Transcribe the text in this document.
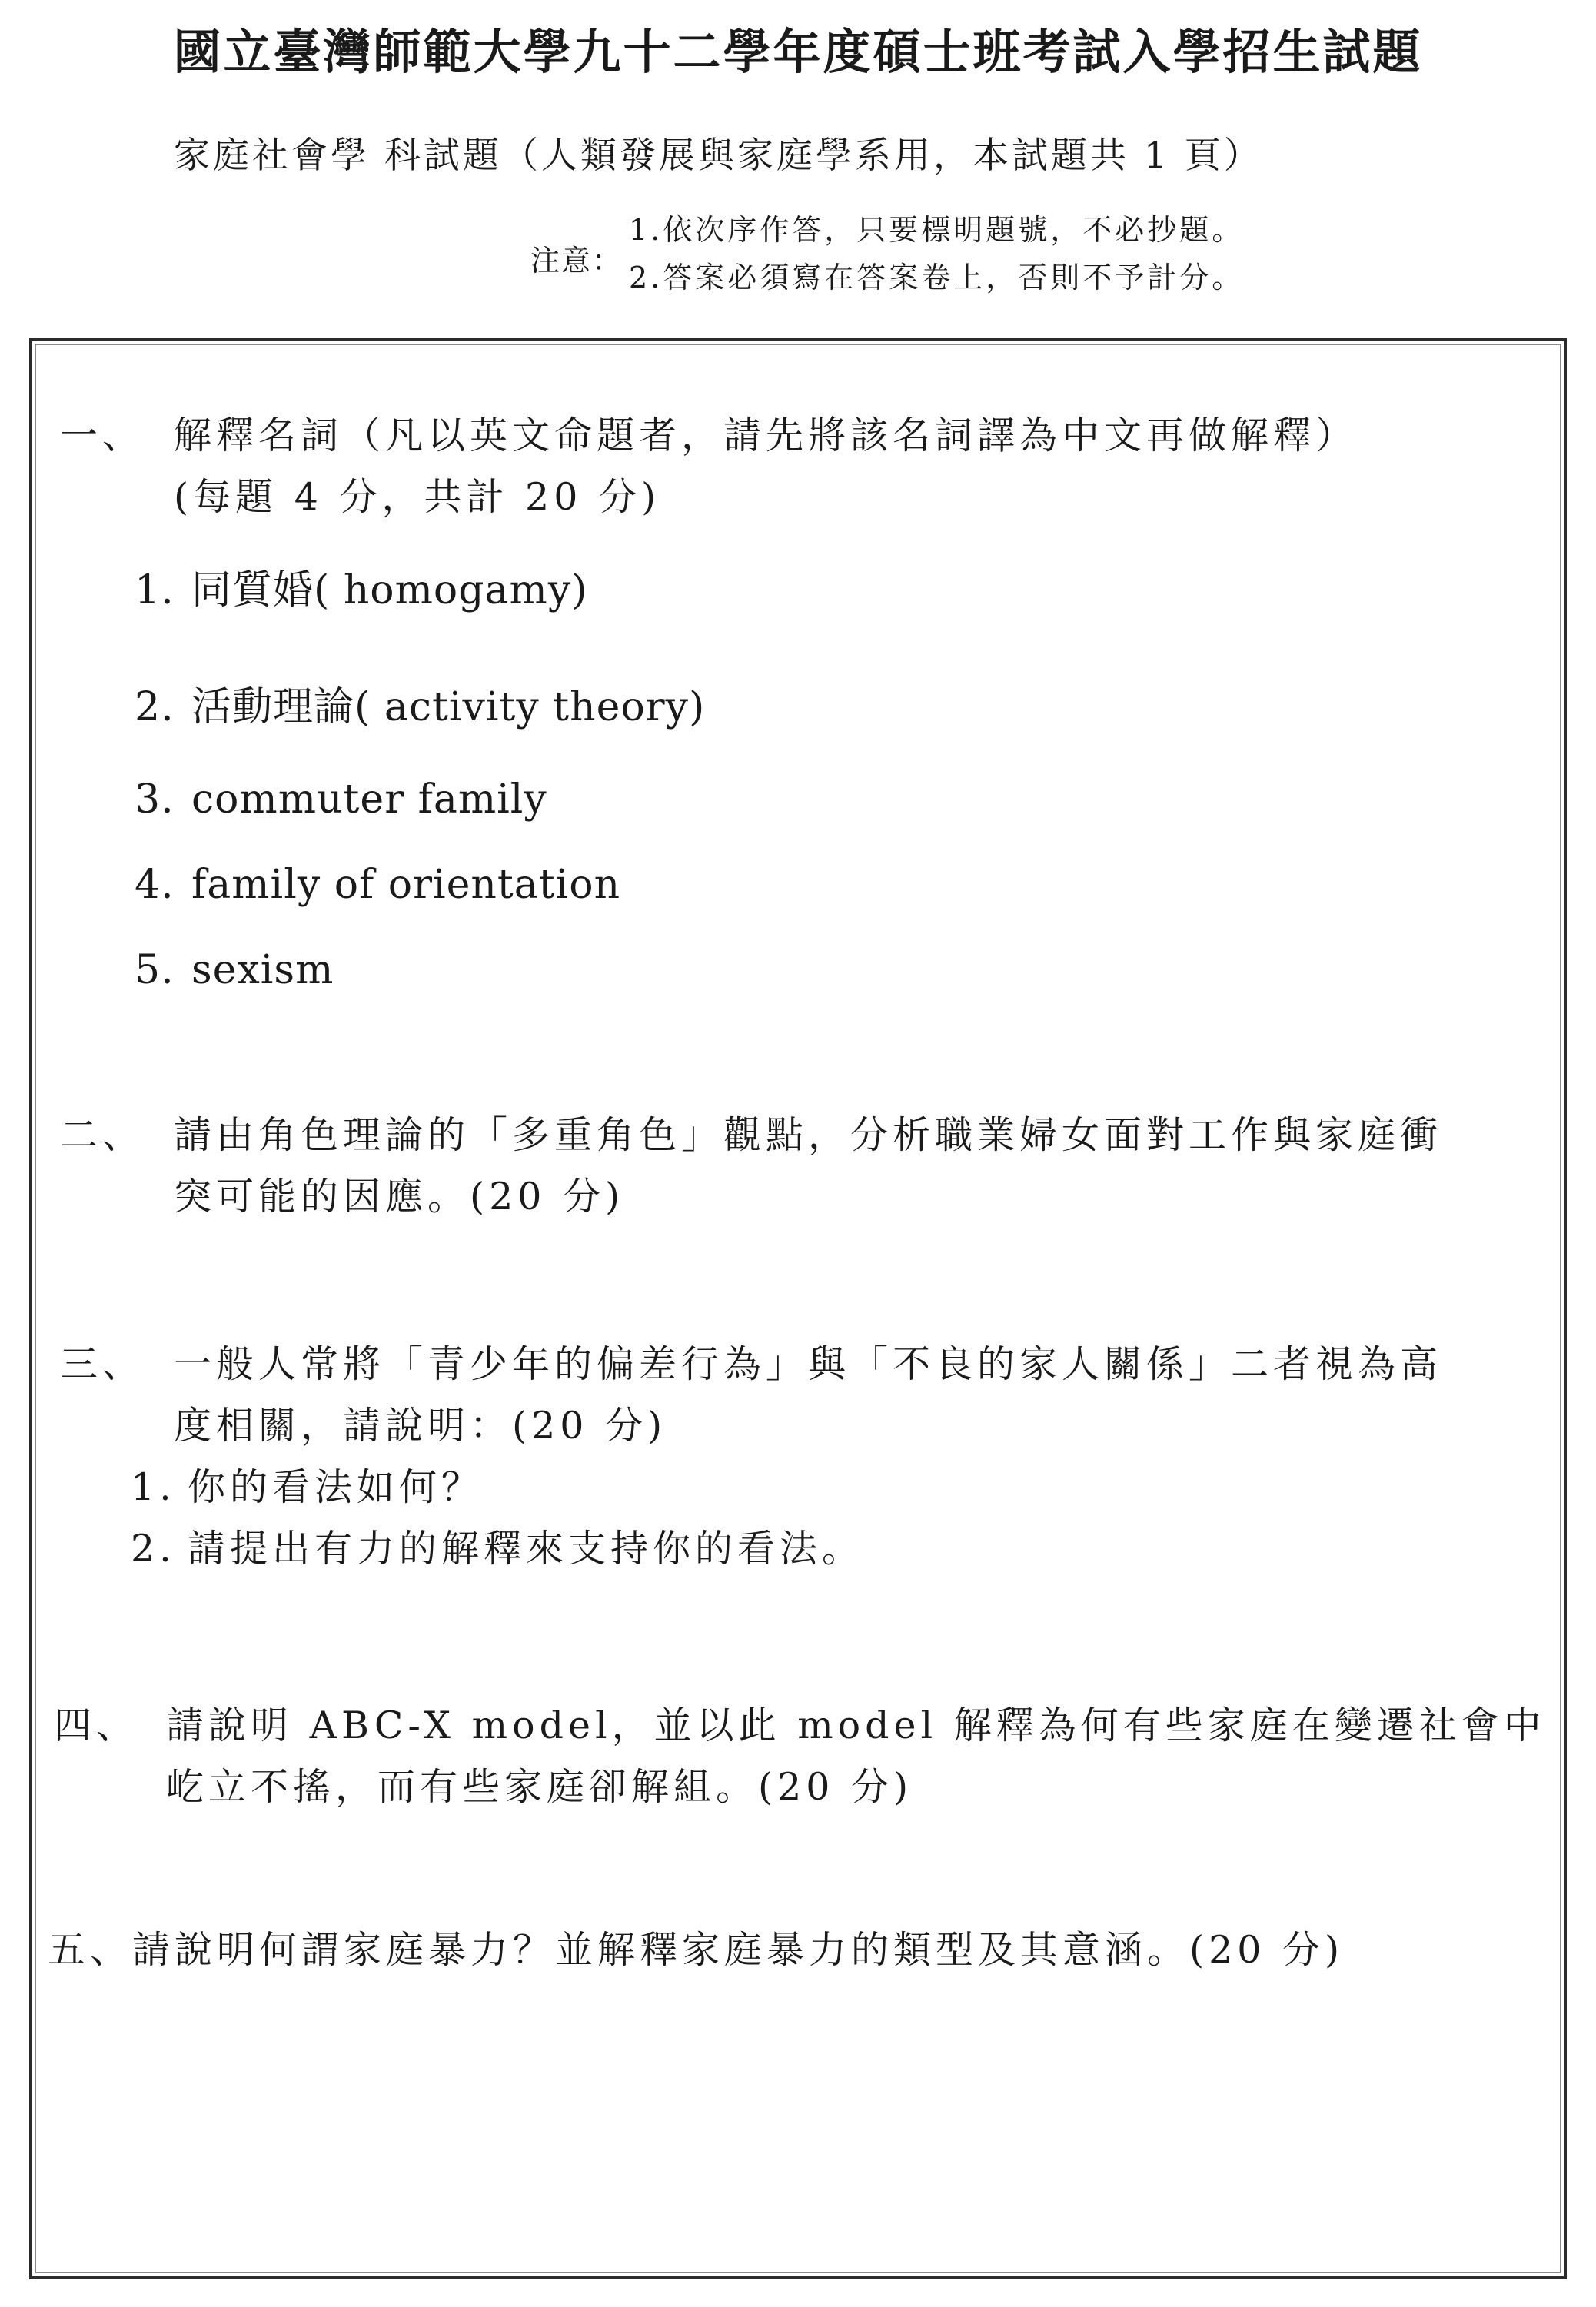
國立臺灣師範大學九十二學年度碩士班考試入學招生試題
家庭社會學 科試題（人類發展與家庭學系用，本試題共 1 頁）
注意：
1.依次序作答，只要標明題號，不必抄題。
2.答案必須寫在答案卷上，否則不予計分。
一、 解釋名詞（凡以英文命題者，請先將該名詞譯為中文再做解釋）
(每題 4 分，共計 20 分)
1. 同質婚( homogamy)
2. 活動理論( activity theory)
3. commuter family
4. family of orientation
5. sexism
二、 請由角色理論的「多重角色」觀點，分析職業婦女面對工作與家庭衝
突可能的因應。(20 分)
三、 一般人常將「青少年的偏差行為」與「不良的家人關係」二者視為高
度相關，請說明：(20 分)
1. 你的看法如何？
2. 請提出有力的解釋來支持你的看法。
四、 請說明 ABC-X model，並以此 model 解釋為何有些家庭在變遷社會中
屹立不搖，而有些家庭卻解組。(20 分)
五、請說明何謂家庭暴力？並解釋家庭暴力的類型及其意涵。(20 分)
